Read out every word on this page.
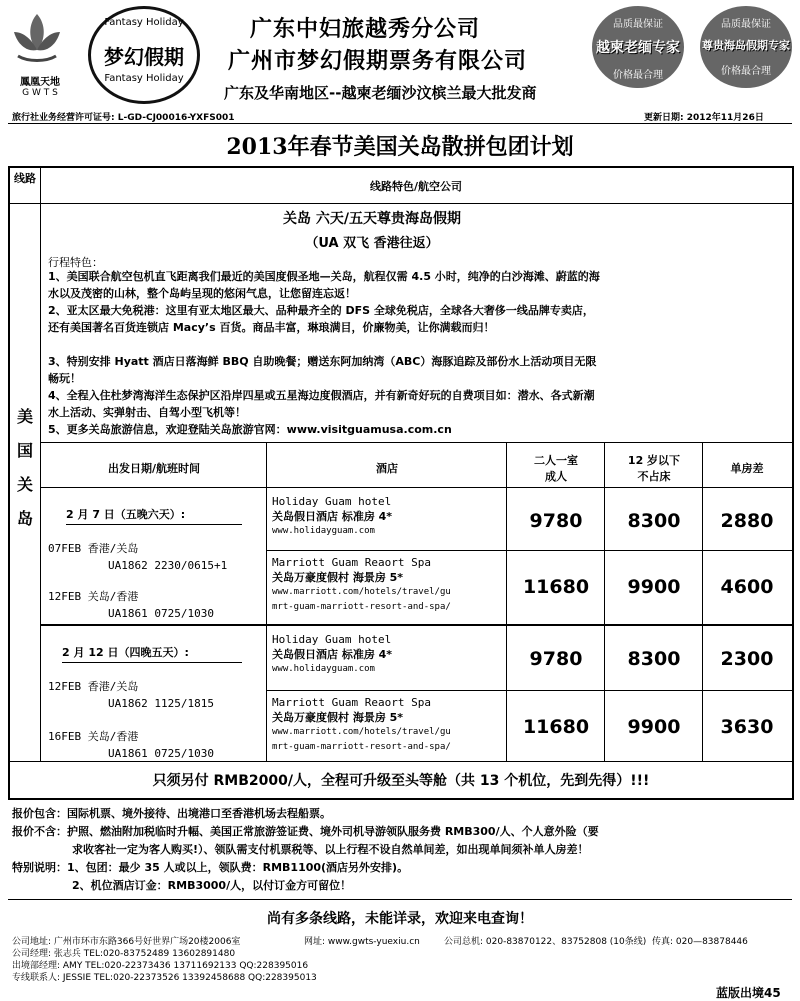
鳳凰天地
G W T S
Fantasy Holiday
梦幻假期
Fantasy Holiday
广东中妇旅越秀分公司
广州市梦幻假期票务有限公司
广东及华南地区--越柬老缅沙汶槟兰最大批发商
品质最保证
越柬老缅专家
价格最合理
品质最保证
尊贵海岛假期专家
价格最合理
旅行社业务经营许可证号: L-GD-CJ00016-YXFS001	更新日期: 2012年11月26日
2013年春节美国关岛散拼包团计划
线路
线路特色/航空公司
美国关岛
关岛 六天/五天尊贵海岛假期
（UA 双飞 香港往返）
行程特色：
1、美国联合航空包机直飞距离我们最近的美国度假圣地—关岛，航程仅需 4.5 小时，纯净的白沙海滩、蔚蓝的海水以及茂密的山林，整个岛屿呈现的悠闲气息，让您留连忘返！
2、亚太区最大免税港：这里有亚太地区最大、品种最齐全的 DFS 全球免税店，全球各大奢侈一线品牌专卖店，还有美国著名百货连锁店 Macy’s 百货。商品丰富，琳琅满目，价廉物美，让你满载而归！
3、特别安排 Hyatt 酒店日落海鲜 BBQ 自助晚餐；赠送东阿加纳湾（ABC）海豚追踪及部份水上活动项目无限畅玩！
4、全程入住杜梦湾海洋生态保护区沿岸四星或五星海边度假酒店，并有新奇好玩的自费项目如：潜水、各式新潮水上活动、实弹射击、自驾小型飞机等！
5、更多关岛旅游信息，欢迎登陆关岛旅游官网：www.visitguamusa.com.cn
出发日期/航班时间	酒店
二人一室
成人
12 岁以下
不占床
单房差
2 月 7 日（五晚六天）:
07FEB 香港/关岛
UA1862 2230/0615+1
12FEB 关岛/香港
UA1861 0725/1030
Holiday Guam hotel
关岛假日酒店 标准房 4*
www.holidayguam.com	9780	8300	2880
Marriott Guam Reaort Spa
关岛万豪度假村 海景房 5*
www.marriott.com/hotels/travel/gu
mrt-guam-marriott-resort-and-spa/
11680	9900	4600
2 月 12 日（四晚五天）:
12FEB 香港/关岛
UA1862 1125/1815
16FEB 关岛/香港
UA1861 0725/1030
Holiday Guam hotel
关岛假日酒店 标准房 4*
www.holidayguam.com	9780	8300	2300
Marriott Guam Reaort Spa
关岛万豪度假村 海景房 5*
www.marriott.com/hotels/travel/gu
mrt-guam-marriott-resort-and-spa/
11680	9900	3630
只须另付 RMB2000/人，全程可升级至头等舱（共 13 个机位，先到先得）!!!
报价包含：国际机票、境外接待、出境港口至香港机场去程船票。
报价不含：护照、燃油附加税临时升幅、美国正常旅游签证费、境外司机导游领队服务费 RMB300/人、个人意外险（要
求收客社一定为客人购买!）、领队需支付机票税等、以上行程不设自然单间差，如出现单间须补单人房差！
特别说明：1、包团：最少 35 人或以上，领队费：RMB1100(酒店另外安排)。
2、机位酒店订金：RMB3000/人，以付订金方可留位！
尚有多条线路，未能详录，欢迎来电查询！
公司地址: 广州市环市东路366号好世界广场20楼2006室	网址: www.gwts-yuexiu.cn	公司总机: 020-83870122、83752808 (10条线) 传真: 020—83878446
公司经理: 张志兵 TEL:020-83752489 13602891480
出境部经理: AMY TEL:020-22373436 13711692133 QQ:228395016
专线联系人: JESSIE TEL:020-22373526 13392458688 QQ:228395013
蓝版出境45
